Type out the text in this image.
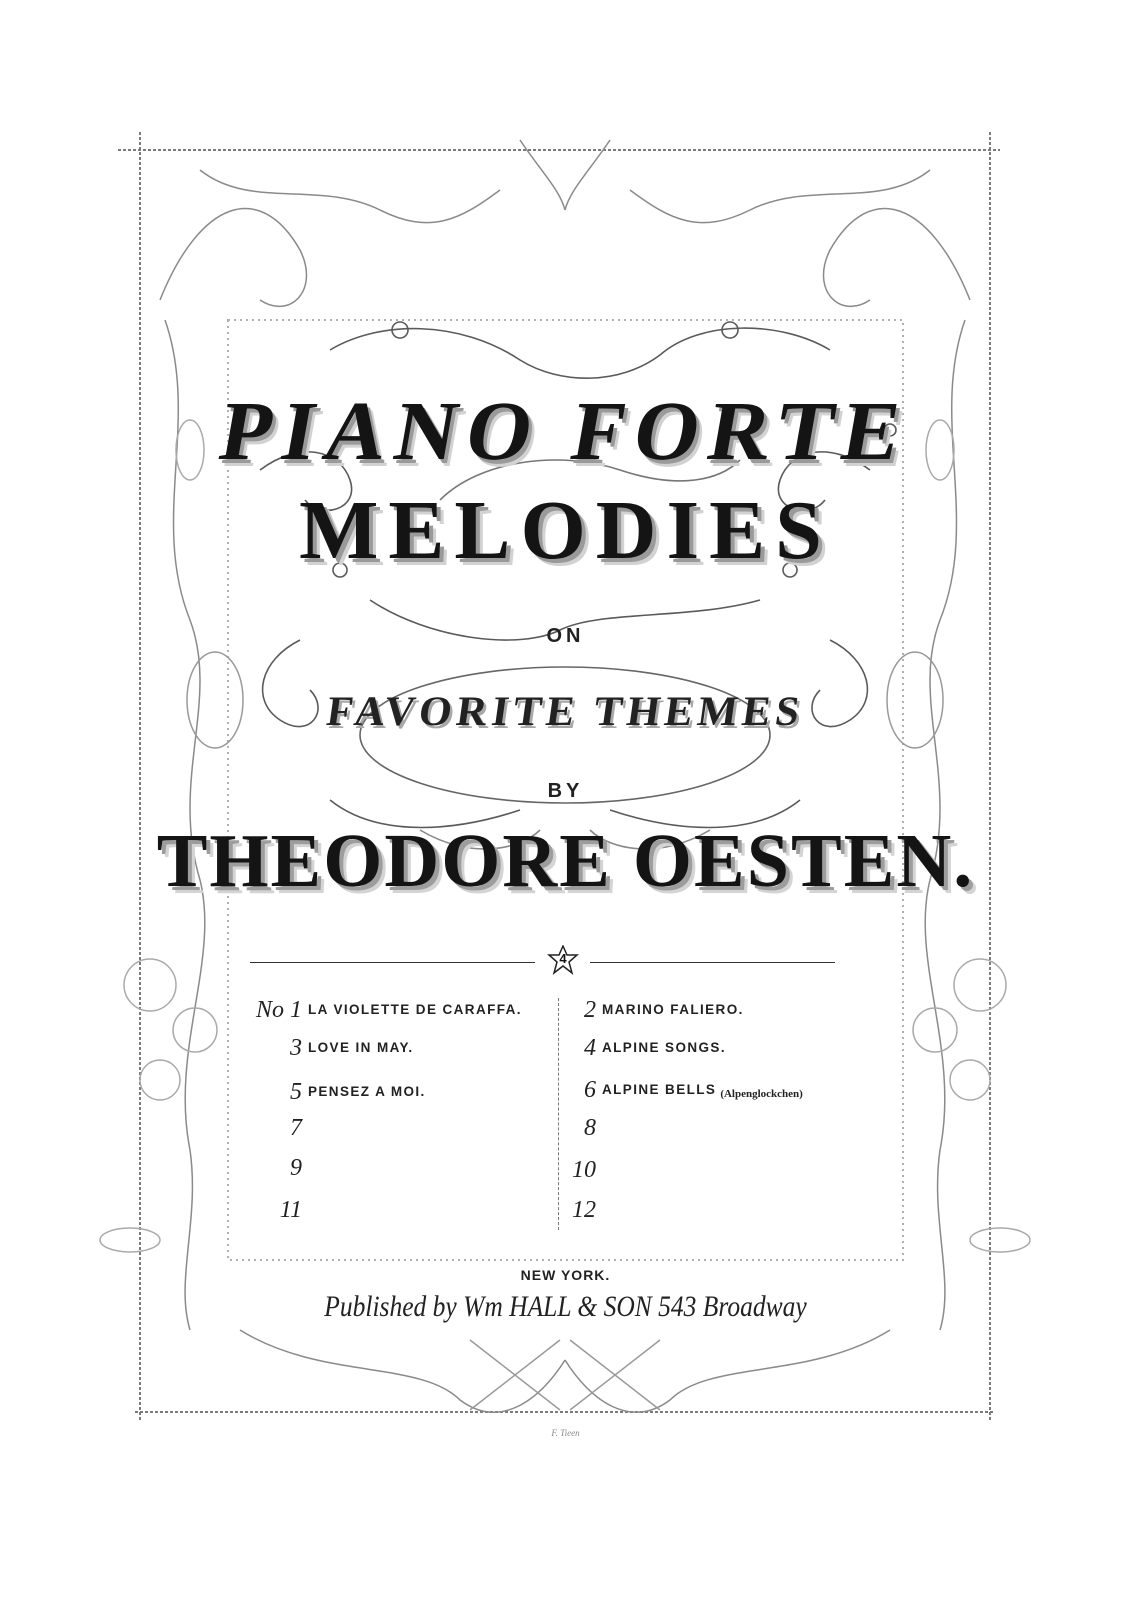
PIANO FORTE
MELODIES
ON
FAVORITE THEMES
BY
THEODORE OESTEN.
4
No 1 LA VIOLETTE DE CARAFFA.
3 LOVE IN MAY.
5 PENSEZ A MOI.
7
9
11
2 MARINO FALIERO.
4 ALPINE SONGS.
6 ALPINE BELLS (Alpenglockchen)
8
10
12
NEW YORK.
Published by Wm HALL & SON 543 Broadway
F. Tieen
